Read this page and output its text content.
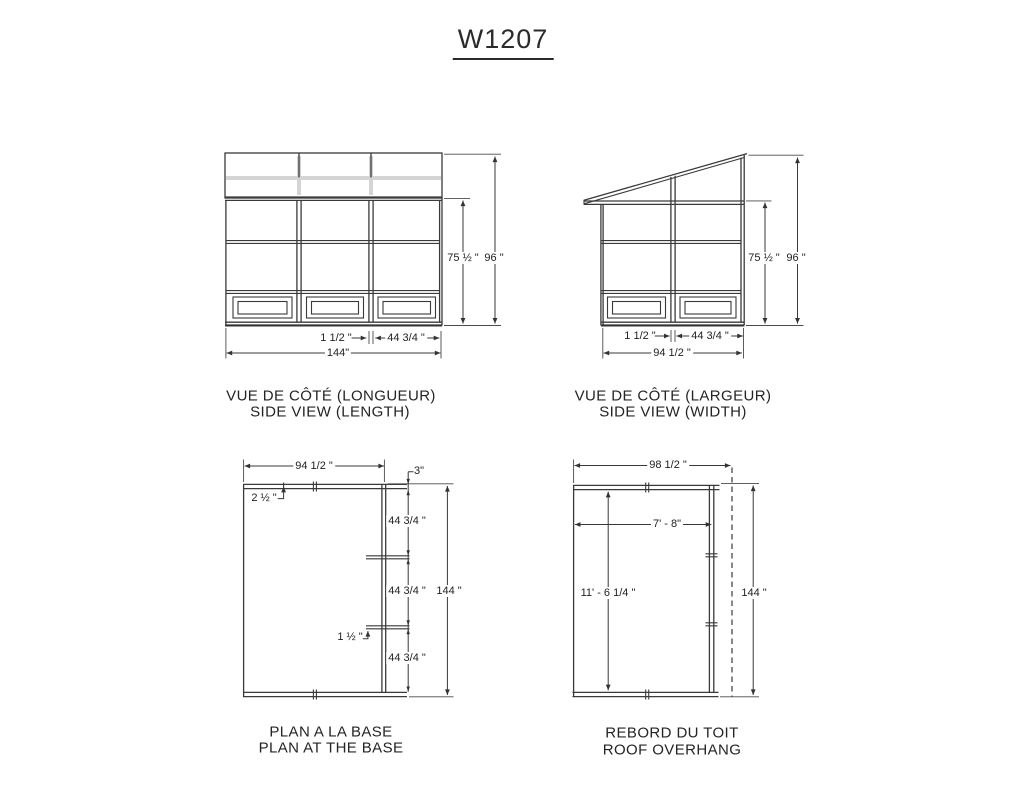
W1207
75 ½ " 96 "
1 1/2 "	44 3/4 "
144"
VUE DE CÔTÉ (LONGUEUR)
SIDE VIEW (LENGTH)
75 ½ " 96 "
1 1/2 "	44 3/4 "
94 1/2 "
VUE DE CÔTÉ (LARGEUR)
SIDE VIEW (WIDTH)
94 1/2 "
2 ½ "
3"
44 3/4 "
44 3/4 " 144 "
1 ½ "
44 3/4 "
PLAN A LA BASE
PLAN AT THE BASE
98 1/2 "
7' - 8"
11' - 6 1/4 "	144 "
REBORD DU TOIT
ROOF OVERHANG
